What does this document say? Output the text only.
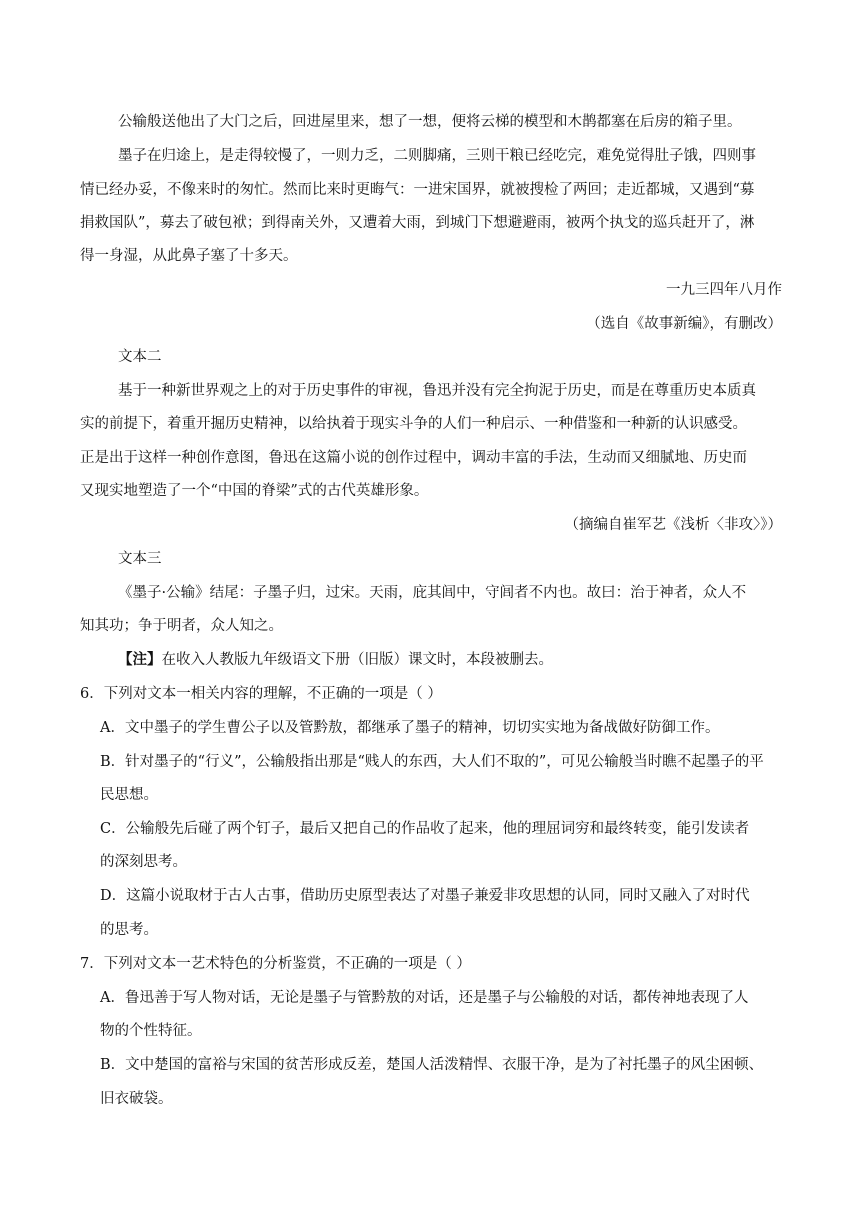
公输般送他出了大门之后，回进屋里来，想了一想，便将云梯的模型和木鹊都塞在后房的箱子里。
墨子在归途上，是走得较慢了，一则力乏，二则脚痛，三则干粮已经吃完，难免觉得肚子饿，四则事
情已经办妥，不像来时的匆忙。然而比来时更晦气：一进宋国界，就被搜检了两回；走近都城，又遇到“募
捐救国队”，募去了破包袱；到得南关外，又遭着大雨，到城门下想避避雨，被两个执戈的巡兵赶开了，淋
得一身湿，从此鼻子塞了十多天。
一九三四年八月作
（选自《故事新编》，有删改）
文本二
基于一种新世界观之上的对于历史事件的审视，鲁迅并没有完全拘泥于历史，而是在尊重历史本质真
实的前提下，着重开掘历史精神，以给执着于现实斗争的人们一种启示、一种借鉴和一种新的认识感受。
正是出于这样一种创作意图，鲁迅在这篇小说的创作过程中，调动丰富的手法，生动而又细腻地、历史而
又现实地塑造了一个“中国的脊梁”式的古代英雄形象。
（摘编自崔军艺《浅析〈非攻〉》）
文本三
《墨子·公输》结尾：子墨子归，过宋。天雨，庇其闾中，守闾者不内也。故曰：治于神者，众人不
知其功；争于明者，众人知之。
【注】在收入人教版九年级语文下册（旧版）课文时，本段被删去。
6．下列对文本一相关内容的理解，不正确的一项是（ ）
A．文中墨子的学生曹公子以及管黔敖，都继承了墨子的精神，切切实实地为备战做好防御工作。
B．针对墨子的“行义”，公输般指出那是“贱人的东西，大人们不取的”，可见公输般当时瞧不起墨子的平
民思想。
C．公输般先后碰了两个钉子，最后又把自己的作品收了起来，他的理屈词穷和最终转变，能引发读者
的深刻思考。
D．这篇小说取材于古人古事，借助历史原型表达了对墨子兼爱非攻思想的认同，同时又融入了对时代
的思考。
7．下列对文本一艺术特色的分析鉴赏，不正确的一项是（ ）
A．鲁迅善于写人物对话，无论是墨子与管黔敖的对话，还是墨子与公输般的对话，都传神地表现了人
物的个性特征。
B．文中楚国的富裕与宋国的贫苦形成反差，楚国人活泼精悍、衣服干净，是为了衬托墨子的风尘困顿、
旧衣破袋。
